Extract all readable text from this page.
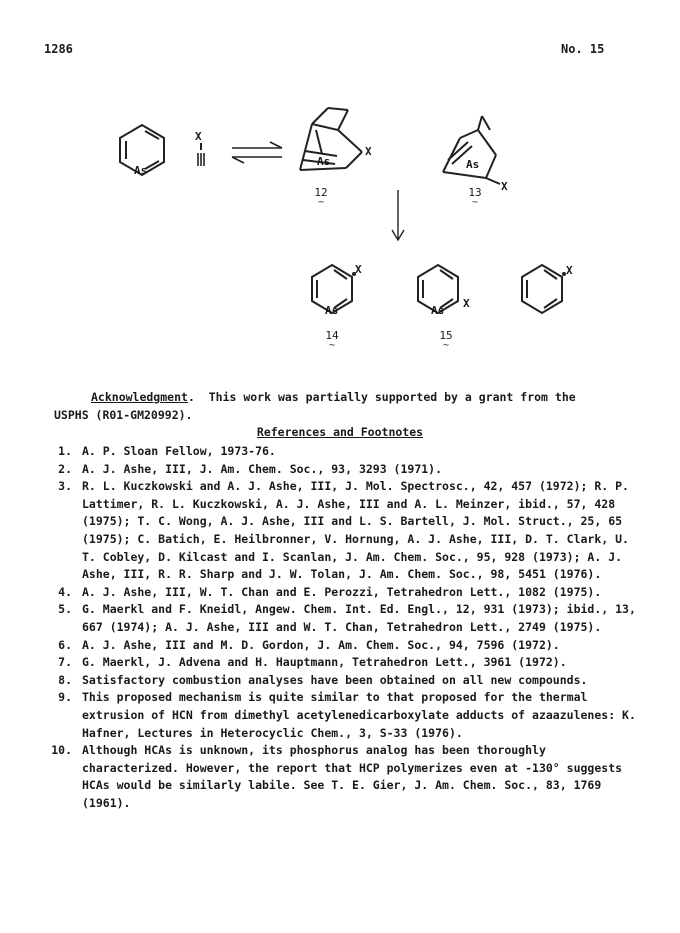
1286	No. 15
As
X
As
X
As
X
X
As	As
X
X
12
~
13
~
14
~
15
~
Acknowledgment.  This work was partially supported by a grant from the
USPHS (R01-GM20992).
References and Footnotes
1. A. P. Sloan Fellow, 1973-76.
2. A. J. Ashe, III, J. Am. Chem. Soc., 93, 3293 (1971).
3. R. L. Kuczkowski and A. J. Ashe, III, J. Mol. Spectrosc., 42, 457 (1972); R. P. Lattimer, R. L. Kuczkowski, A. J. Ashe, III and A. L. Meinzer, ibid., 57, 428 (1975); T. C. Wong, A. J. Ashe, III and L. S. Bartell, J. Mol. Struct., 25, 65 (1975); C. Batich, E. Heilbronner, V. Hornung, A. J. Ashe, III, D. T. Clark, U. T. Cobley, D. Kilcast and I. Scanlan, J. Am. Chem. Soc., 95, 928 (1973); A. J. Ashe, III, R. R. Sharp and J. W. Tolan, J. Am. Chem. Soc., 98, 5451 (1976).
4. A. J. Ashe, III, W. T. Chan and E. Perozzi, Tetrahedron Lett., 1082 (1975).
5. G. Maerkl and F. Kneidl, Angew. Chem. Int. Ed. Engl., 12, 931 (1973); ibid., 13, 667 (1974); A. J. Ashe, III and W. T. Chan, Tetrahedron Lett., 2749 (1975).
6. A. J. Ashe, III and M. D. Gordon, J. Am. Chem. Soc., 94, 7596 (1972).
7. G. Maerkl, J. Advena and H. Hauptmann, Tetrahedron Lett., 3961 (1972).
8. Satisfactory combustion analyses have been obtained on all new compounds.
9. This proposed mechanism is quite similar to that proposed for the thermal extrusion of HCN from dimethyl acetylenedicarboxylate adducts of azaazulenes: K. Hafner, Lectures in Heterocyclic Chem., 3, S-33 (1976).
10. Although HCAs is unknown, its phosphorus analog has been thoroughly characterized. However, the report that HCP polymerizes even at -130° suggests HCAs would be similarly labile. See T. E. Gier, J. Am. Chem. Soc., 83, 1769 (1961).
